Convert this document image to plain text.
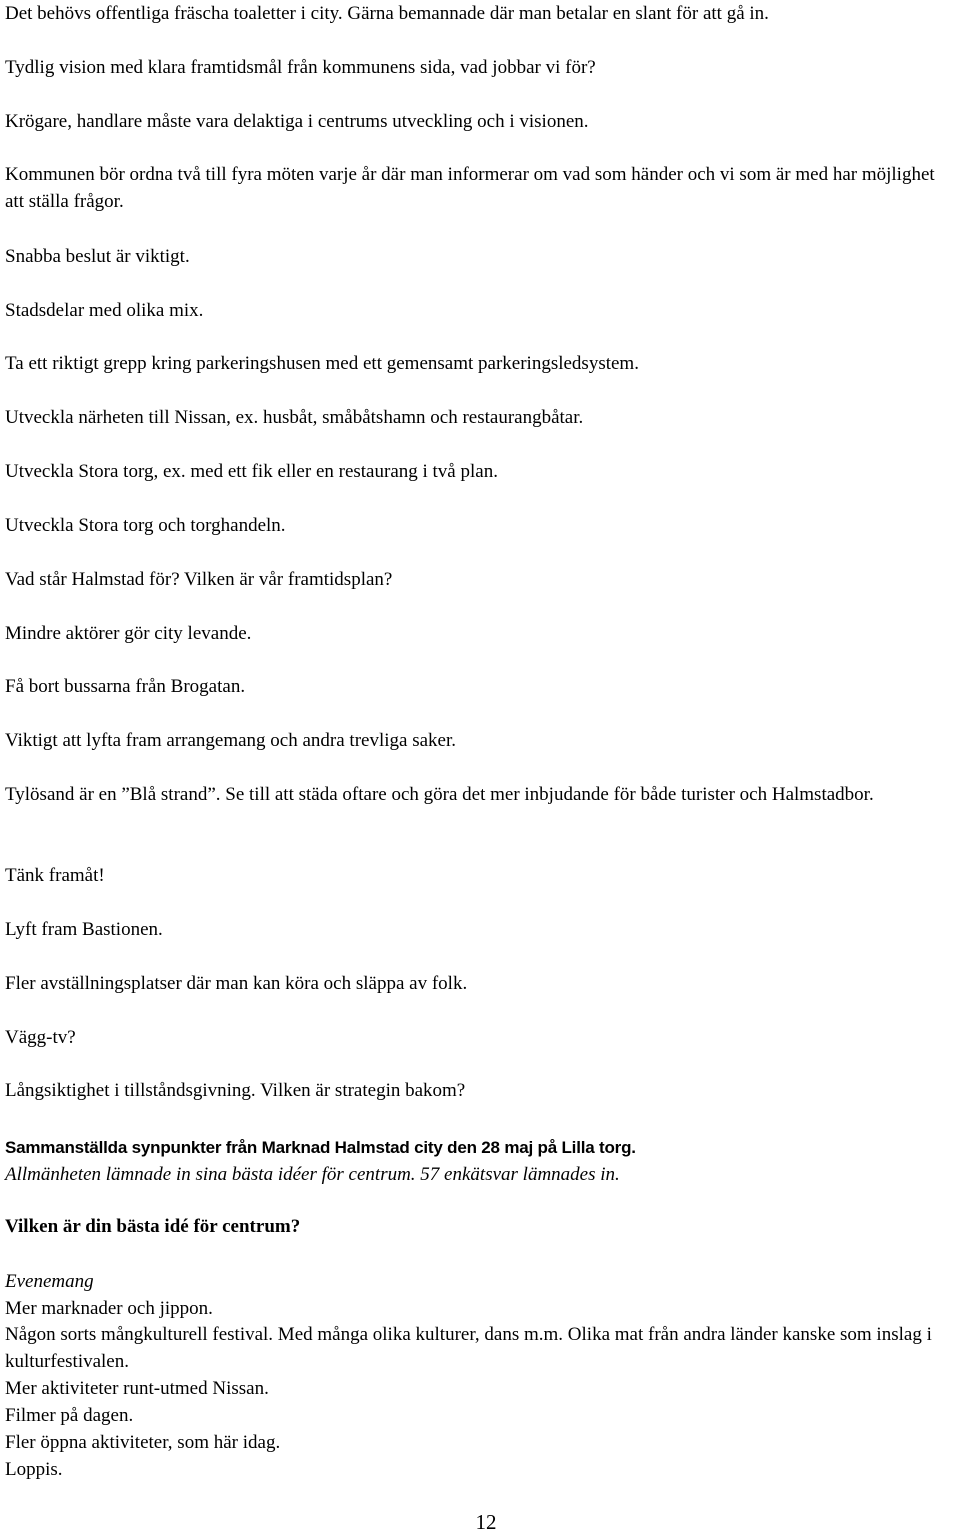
Det behövs offentliga fräscha toaletter i city. Gärna bemannade där man betalar en slant för att gå in.
Tydlig vision med klara framtidsmål från kommunens sida, vad jobbar vi för?
Krögare, handlare måste vara delaktiga i centrums utveckling och i visionen.
Kommunen bör ordna två till fyra möten varje år där man informerar om vad som händer och vi som är med har möjlighet att ställa frågor.
Snabba beslut är viktigt.
Stadsdelar med olika mix.
Ta ett riktigt grepp kring parkeringshusen med ett gemensamt parkeringsledsystem.
Utveckla närheten till Nissan, ex. husbåt, småbåtshamn och restaurangbåtar.
Utveckla Stora torg, ex. med ett fik eller en restaurang i två plan.
Utveckla Stora torg och torghandeln.
Vad står Halmstad för? Vilken är vår framtidsplan?
Mindre aktörer gör city levande.
Få bort bussarna från Brogatan.
Viktigt att lyfta fram arrangemang och andra trevliga saker.
Tylösand är en ”Blå strand”. Se till att städa oftare och göra det mer inbjudande för både turister och Halmstadbor.
Tänk framåt!
Lyft fram Bastionen.
Fler avställningsplatser där man kan köra och släppa av folk.
Vägg-tv?
Långsiktighet i tillståndsgivning. Vilken är strategin bakom?
Sammanställda synpunkter från Marknad Halmstad city den 28 maj på Lilla torg.
Allmänheten lämnade in sina bästa idéer för centrum. 57 enkätsvar lämnades in.
Vilken är din bästa idé för centrum?
Evenemang
Mer marknader och jippon.
Någon sorts mångkulturell festival. Med många olika kulturer, dans m.m. Olika mat från andra länder kanske som inslag i kulturfestivalen.
Mer aktiviteter runt-utmed Nissan.
Filmer på dagen.
Fler öppna aktiviteter, som här idag.
Loppis.
12
